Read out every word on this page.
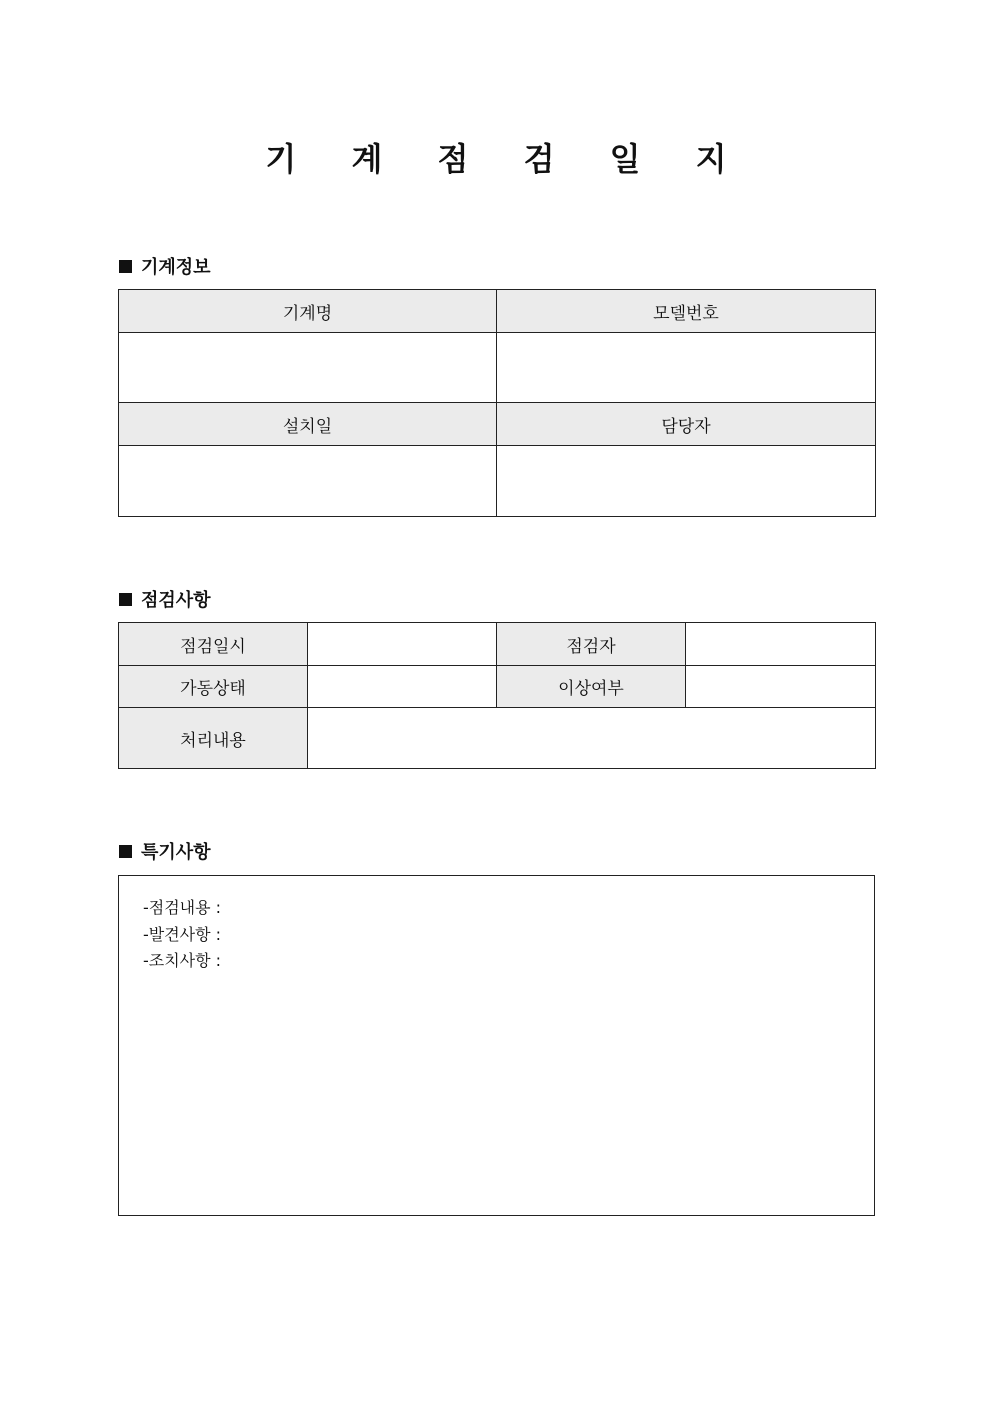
기 계 점 검 일 지
기계정보
기계명	모델번호

설치일	담당자

점검사항
점검일시		점검자	
가동상태		이상여부	
처리내용			
특기사항
-점검내용 :
-발견사항 :
-조치사항 :
